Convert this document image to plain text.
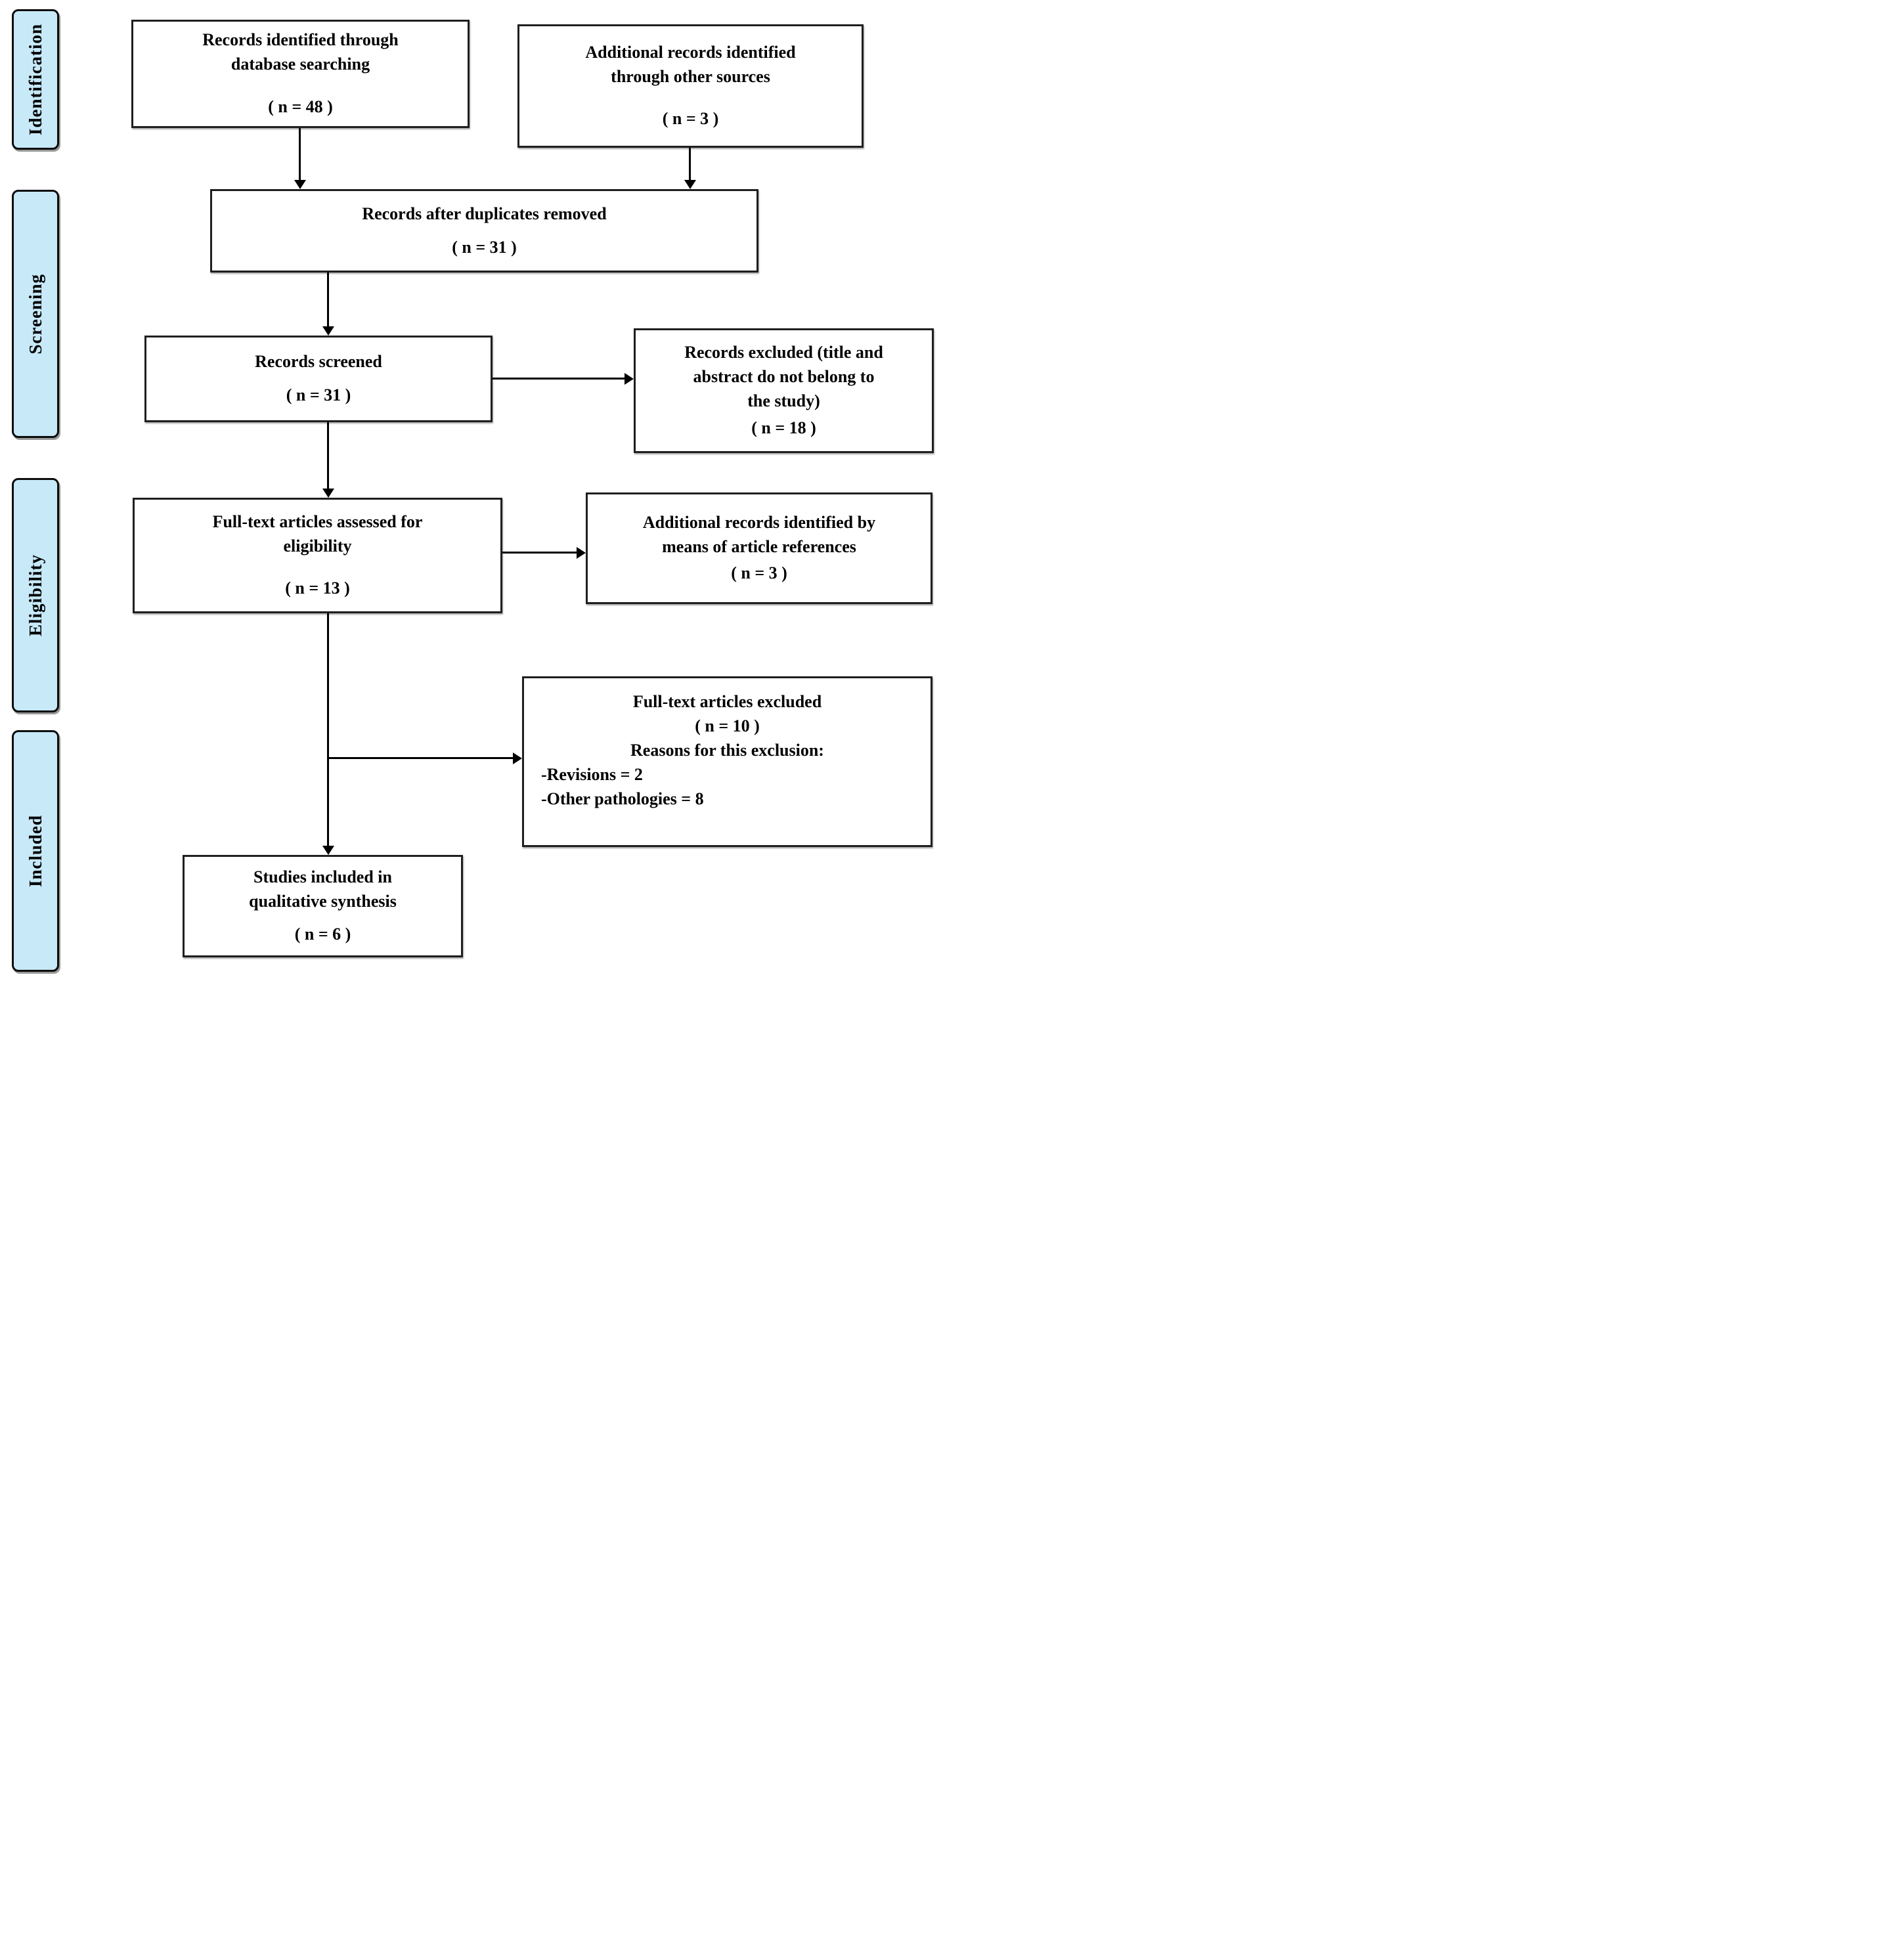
Identification
Screening
Eligibility
Included
Records identified through
database searching
( n = 48 )
Additional records identified
through other sources
( n = 3 )
Records after duplicates removed
( n = 31 )
Records screened
( n = 31 )
Records excluded (title and
abstract do not belong to
the study)
( n = 18 )
Full-text articles assessed for
eligibility
( n = 13 )
Additional records identified by
means of article references
( n = 3 )
Full-text articles excluded
( n = 10 )
Reasons for this exclusion:
-Revisions = 2
-Other pathologies = 8
Studies included in
qualitative synthesis
( n = 6 )
